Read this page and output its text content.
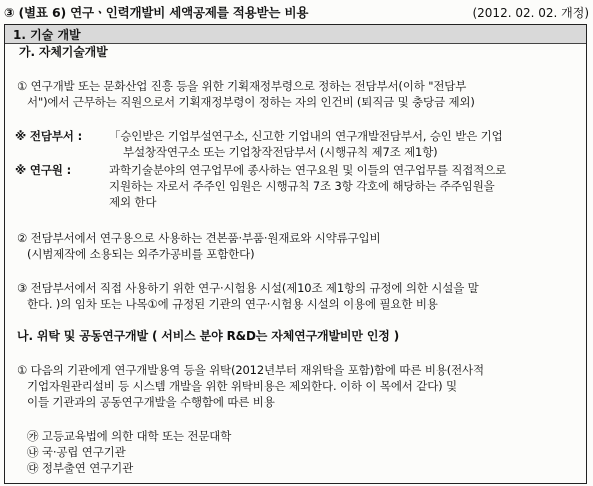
③ (별표 6) 연구ㆍ인력개발비 세액공제를 적용받는 비용	(2012. 02. 02. 개정)
1. 기술 개발
가. 자체기술개발
① 연구개발 또는 문화산업 진흥 등을 위한 기획재정부령으로 정하는 전담부서(이하 "전담부
서")에서 근무하는 직원으로서 기획재정부령이 정하는 자의 인건비 (퇴직금 및 충당금 제외)
※ 전담부서 : 「승인받은 기업부설연구소, 신고한 기업내의 연구개발전담부서, 승인 받은 기업
부설창작연구소 또는 기업창작전담부서 (시행규칙 제7조 제1항)
※ 연구원 :	과학기술분야의 연구업무에 종사하는 연구요원 및 이들의 연구업무를 직접적으로
지원하는 자로서 주주인 임원은 시행규칙 7조 3항 각호에 해당하는 주주임원을
제외 한다
② 전담부서에서 연구용으로 사용하는 견본품·부품·원재료와 시약류구입비
(시범제작에 소용되는 외주가공비를 포함한다)
③ 전담부서에서 직접 사용하기 위한 연구·시험용 시설(제10조 제1항의 규정에 의한 시설을 말
한다. )의 임차 또는 나목①에 규정된 기관의 연구·시험용 시설의 이용에 필요한 비용
나. 위탁 및 공동연구개발 ( 서비스 분야 R&D는 자체연구개발비만 인정 )
① 다음의 기관에게 연구개발용역 등을 위탁(2012년부터 재위탁을 포함)함에 따른 비용(전사적
기업자원관리설비 등 시스템 개발을 위한 위탁비용은 제외한다. 이하 이 목에서 같다) 및
이들 기관과의 공동연구개발을 수행함에 따른 비용
㉮ 고등교육법에 의한 대학 또는 전문대학
㉯ 국·공립 연구기관
㉰ 정부출연 연구기관
